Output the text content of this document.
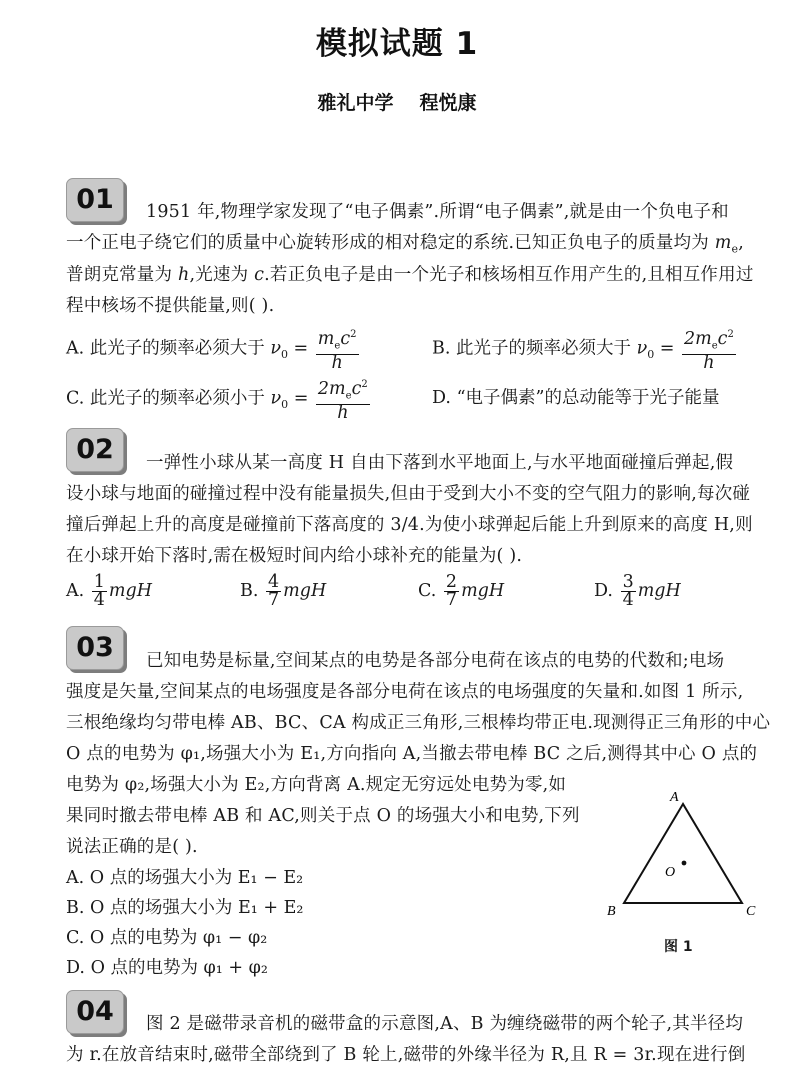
模拟试题 1
雅礼中学 程悦康
01	1951 年,物理学家发现了“电子偶素”.所谓“电子偶素”,就是由一个负电子和
一个正电子绕它们的质量中心旋转形成的相对稳定的系统.已知正负电子的质量均为 $m_e$,
普朗克常量为 h,光速为 c.若正负电子是由一个光子和核场相互作用产生的,且相互作用过
程中核场不提供能量,则( ).
A. 此光子的频率必须大于 $\nu_0 = \frac{m_ec^2}{h}$	B. 此光子的频率必须大于 $\nu_0 = \frac{2m_ec^2}{h}$
C. 此光子的频率必须小于 $\nu_0 = \frac{2m_ec^2}{h}$	D. “电子偶素”的总动能等于光子能量
02	一弹性小球从某一高度 H 自由下落到水平地面上,与水平地面碰撞后弹起,假
设小球与地面的碰撞过程中没有能量损失,但由于受到大小不变的空气阻力的影响,每次碰
撞后弹起上升的高度是碰撞前下落高度的 3/4.为使小球弹起后能上升到原来的高度 H,则
在小球开始下落时,需在极短时间内给小球补充的能量为( ).
A. $\frac{1}{4}$ mgH	B. $\frac{4}{7}$ mgH	C. $\frac{2}{7}$ mgH	D. $\frac{3}{4}$ mgH
03	已知电势是标量,空间某点的电势是各部分电荷在该点的电势的代数和;电场
强度是矢量,空间某点的电场强度是各部分电荷在该点的电场强度的矢量和.如图 1 所示,
三根绝缘均匀带电棒 AB、BC、CA 构成正三角形,三根棒均带正电.现测得正三角形的中心
O 点的电势为 φ₁,场强大小为 E₁,方向指向 A,当撤去带电棒 BC 之后,测得其中心 O 点的
电势为 φ₂,场强大小为 E₂,方向背离 A.规定无穷远处电势为零,如
果同时撤去带电棒 AB 和 AC,则关于点 O 的场强大小和电势,下列
说法正确的是( ).
A. O 点的场强大小为 E₁ − E₂
B. O 点的场强大小为 E₁ + E₂
C. O 点的电势为 φ₁ − φ₂
D. O 点的电势为 φ₁ + φ₂
A
B	C
O
图 1
04	图 2 是磁带录音机的磁带盒的示意图,A、B 为缠绕磁带的两个轮子,其半径均
为 r.在放音结束时,磁带全部绕到了 B 轮上,磁带的外缘半径为 R,且 R = 3r.现在进行倒
